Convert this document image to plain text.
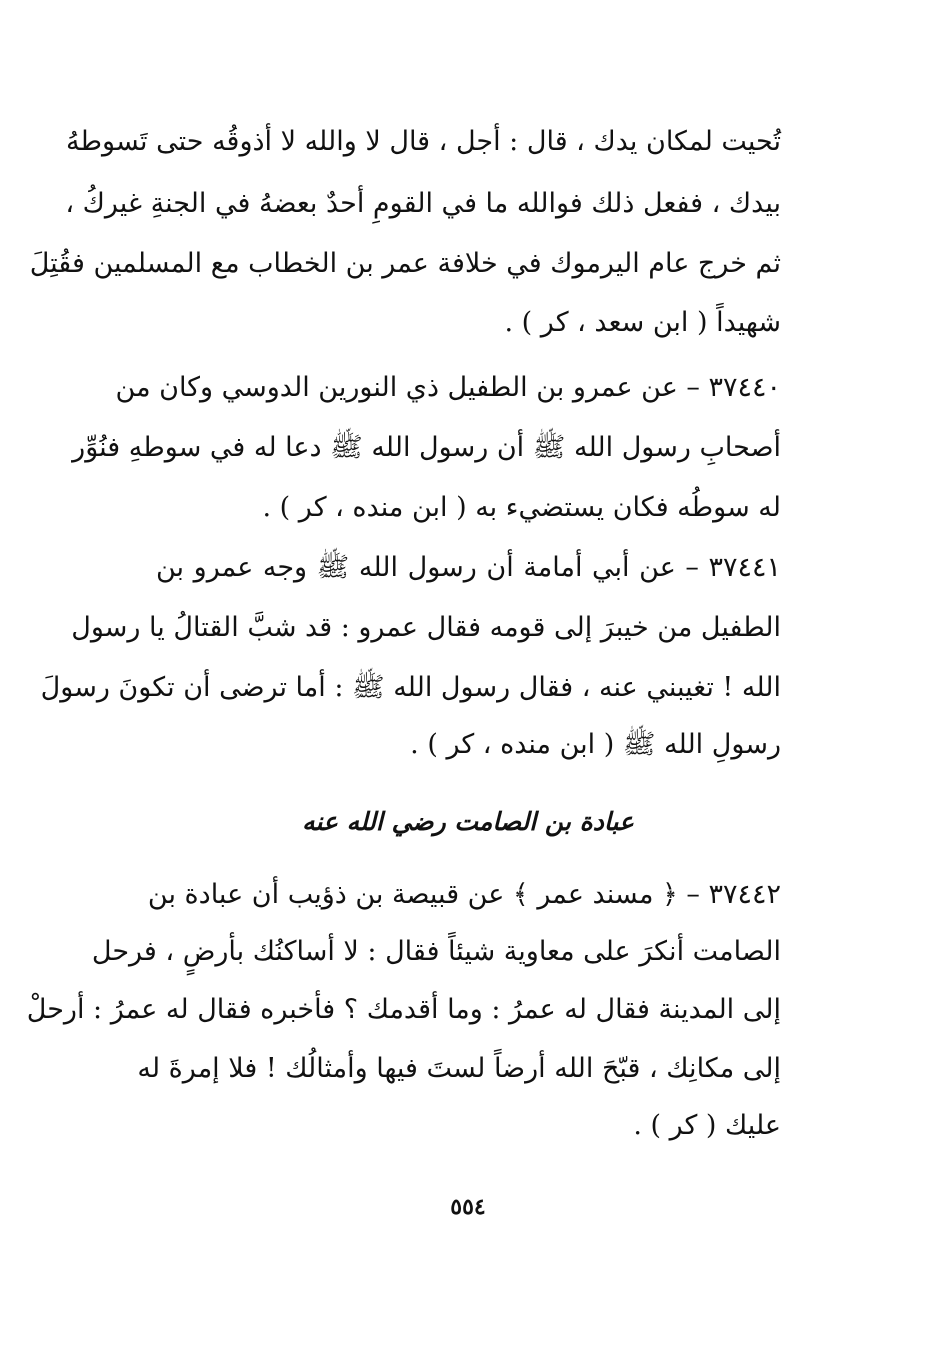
تُحيت لمكان يدك ، قال : أجل ، قال لا والله لا أذوقُه حتى تَسوطهُ
بيدك ، ففعل ذلك فوالله ما في القومِ أحدٌ بعضهُ في الجنةِ غيركُ ،
ثم خرج عام اليرموك في خلافة عمر بن الخطاب مع المسلمين فقُتِلَ
شهيداً ( ابن سعد ، كر ) .
٣٧٤٤٠ – عن عمرو بن الطفيل ذي النورين الدوسي وكان من
أصحابِ رسول الله ﷺ أن رسول الله ﷺ دعا له في سوطهِ فنُوِّر
له سوطُه فكان يستضيء به ( ابن منده ، كر ) .
٣٧٤٤١ – عن أبي أمامة أن رسول الله ﷺ وجه عمرو بن
الطفيل من خيبرَ إلى قومه فقال عمرو : قد شبَّ القتالُ يا رسول
الله ! تغيبني عنه ، فقال رسول الله ﷺ : أما ترضى أن تكونَ رسولَ
رسولِ الله ﷺ ( ابن منده ، كر ) .
عبادة بن الصامت رضي الله عنه
٣٧٤٤٢ – ﴿ مسند عمر ﴾ عن قبيصة بن ذؤيب أن عبادة بن
الصامت أنكرَ على معاوية شيئاً فقال : لا أساكنُك بأرضٍ ، فرحل
إلى المدينة فقال له عمرُ : وما أقدمك ؟ فأخبره فقال له عمرُ : أرحلْ
إلى مكانِك ، قبّحَ الله أرضاً لستَ فيها وأمثالُك ! فلا إمرةَ له
عليك ( كر ) .
٥٥٤
